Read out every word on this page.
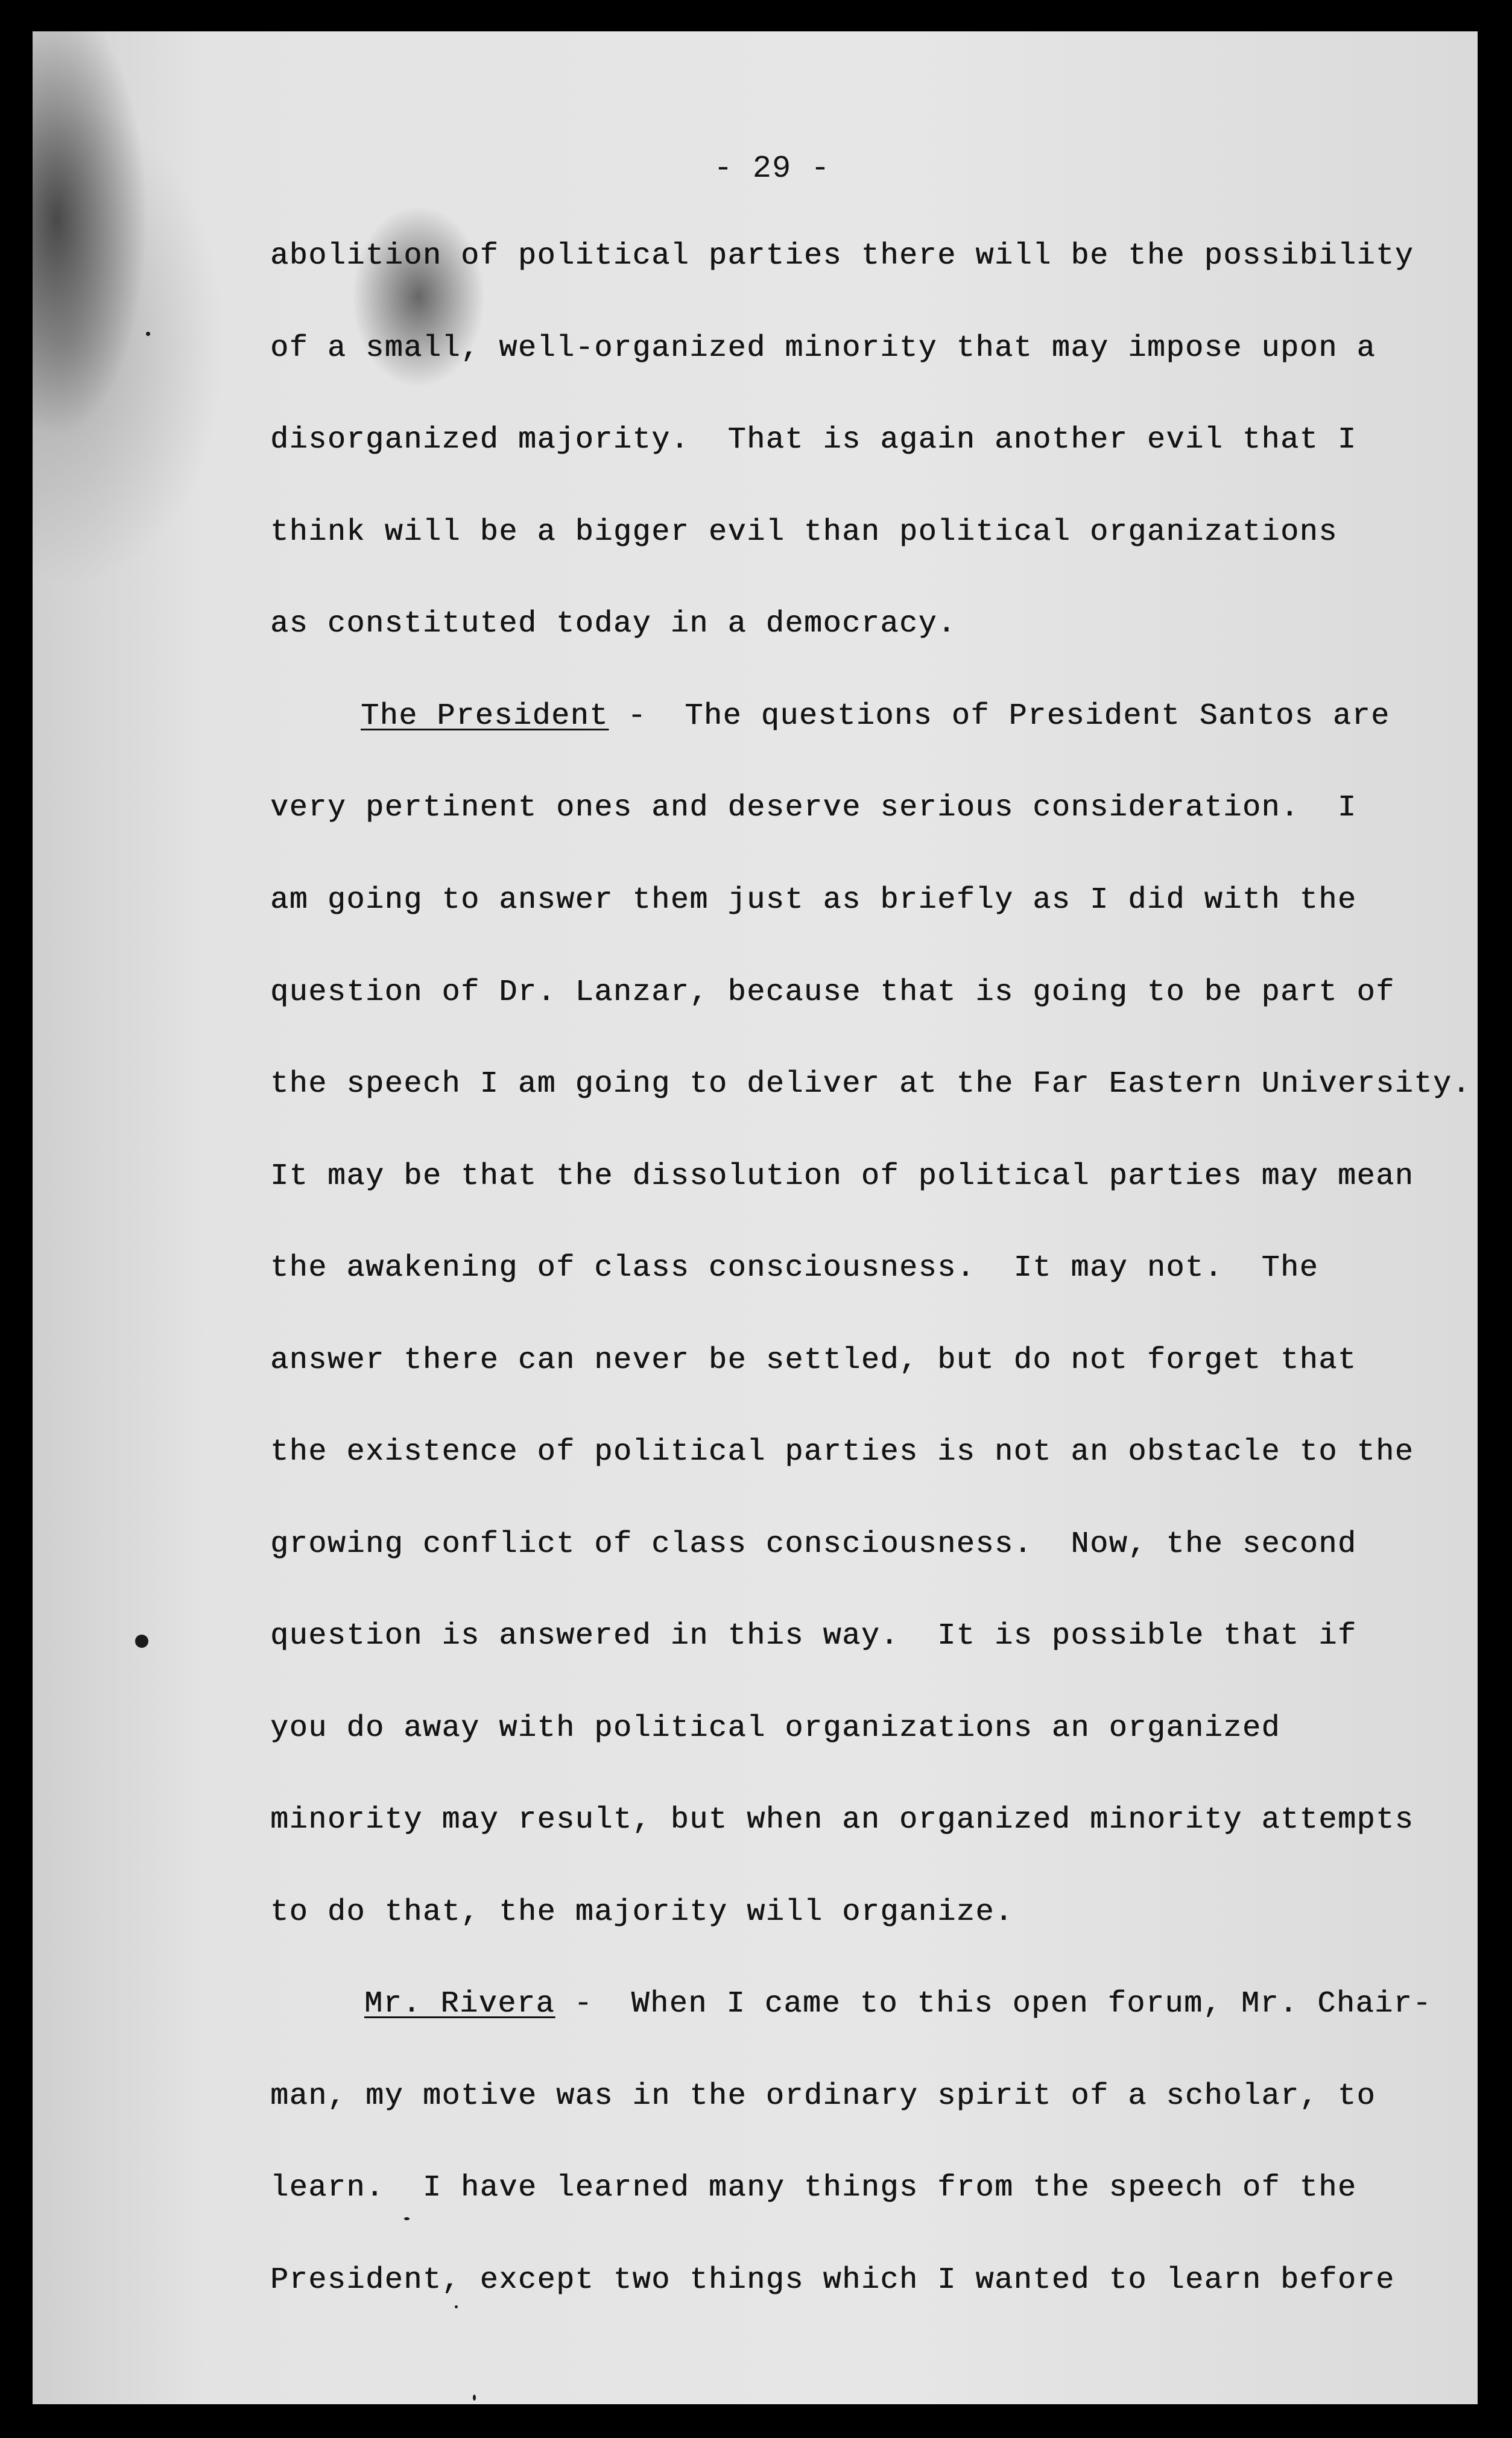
- 29 -
abolition of political parties there will be the possibility
of a small, well-organized minority that may impose upon a
disorganized majority.  That is again another evil that I
think will be a bigger evil than political organizations
as constituted today in a democracy.
The President -  The questions of President Santos are
very pertinent ones and deserve serious consideration.  I
am going to answer them just as briefly as I did with the
question of Dr. Lanzar, because that is going to be part of
the speech I am going to deliver at the Far Eastern University.
It may be that the dissolution of political parties may mean
the awakening of class consciousness.  It may not.  The
answer there can never be settled, but do not forget that
the existence of political parties is not an obstacle to the
growing conflict of class consciousness.  Now, the second
question is answered in this way.  It is possible that if
you do away with political organizations an organized
minority may result, but when an organized minority attempts
to do that, the majority will organize.
Mr. Rivera -  When I came to this open forum, Mr. Chair-
man, my motive was in the ordinary spirit of a scholar, to
learn.  I have learned many things from the speech of the
President, except two things which I wanted to learn before
